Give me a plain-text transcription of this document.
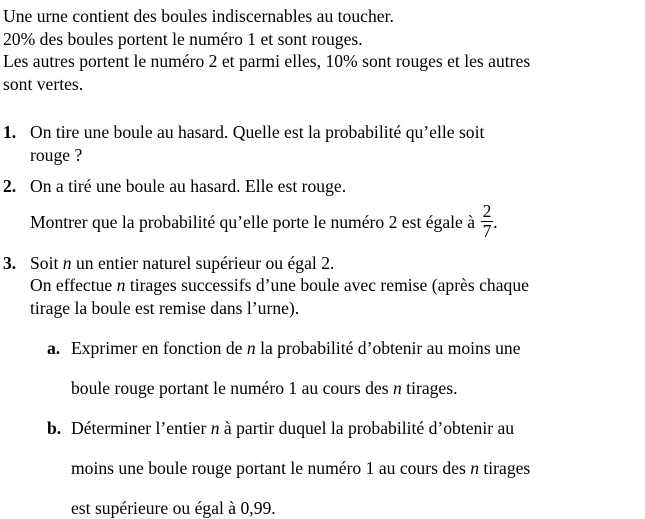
Une urne contient des boules indiscernables au toucher.

20% des boules portent le numéro 1 et sont rouges.

Les autres portent le numéro 2 et parmi elles, 10% sont rouges et les autres

sont vertes.

1. On tire une boule au hasard. Quelle est la probabilité qu’elle soit

rouge ?

2. On a tiré une boule au hasard. Elle est rouge.

Montrer que la probabilité qu’elle porte le numéro 2 est égale à $\frac{2}{7}$ .
3. Soit n un entier naturel supérieur ou égal 2.

On effectue n tirages successifs d’une boule avec remise (après chaque

tirage la boule est remise dans l’urne).

a. Exprimer en fonction de n la probabilité d’obtenir au moins une

boule rouge portant le numéro 1 au cours des n tirages.

b. Déterminer l’entier n à partir duquel la probabilité d’obtenir au

moins une boule rouge portant le numéro 1 au cours des n tirages

est supérieure ou égal à 0,99.
